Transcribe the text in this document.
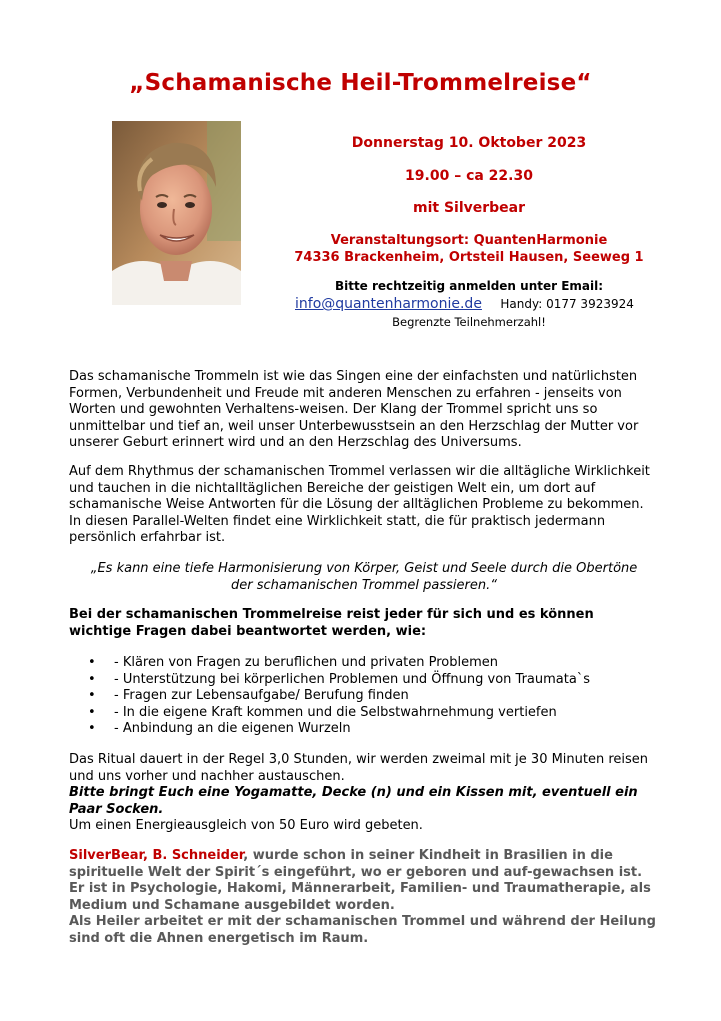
„Schamanische Heil-Trommelreise“
Donnerstag 10. Oktober 2023
19.00 – ca 22.30
mit Silverbear
Veranstaltungsort: QuantenHarmonie
74336 Brackenheim, Ortsteil Hausen, Seeweg 1
Bitte rechtzeitig anmelden unter Email:
info@quantenharmonie.de Handy: 0177 3923924
Begrenzte Teilnehmerzahl!
Das schamanische Trommeln ist wie das Singen eine der einfachsten und natürlichsten Formen, Verbundenheit und Freude mit anderen Menschen zu erfahren - jenseits von Worten und gewohnten Verhaltens-weisen. Der Klang der Trommel spricht uns so unmittelbar und tief an, weil unser Unterbewusstsein an den Herzschlag der Mutter vor unserer Geburt erinnert wird und an den Herzschlag des Universums.
Auf dem Rhythmus der schamanischen Trommel verlassen wir die alltägliche Wirklichkeit und tauchen in die nichtalltäglichen Bereiche der geistigen Welt ein, um dort auf schamanische Weise Antworten für die Lösung der alltäglichen Probleme zu bekommen. In diesen Parallel-Welten findet eine Wirklichkeit statt, die für praktisch jedermann persönlich erfahrbar ist.
„Es kann eine tiefe Harmonisierung von Körper, Geist und Seele durch die Obertöne
der schamanischen Trommel passieren.“
Bei der schamanischen Trommelreise reist jeder für sich und es können wichtige Fragen dabei beantwortet werden, wie:
• - Klären von Fragen zu beruflichen und privaten Problemen
• - Unterstützung bei körperlichen Problemen und Öffnung von Traumata`s
• - Fragen zur Lebensaufgabe/ Berufung finden
• - In die eigene Kraft kommen und die Selbstwahrnehmung vertiefen
• - Anbindung an die eigenen Wurzeln
Das Ritual dauert in der Regel 3,0 Stunden, wir werden zweimal mit je 30 Minuten reisen und uns vorher und nachher austauschen.
Bitte bringt Euch eine Yogamatte, Decke (n) und ein Kissen mit, eventuell ein Paar Socken.
Um einen Energieausgleich von 50 Euro wird gebeten.
SilverBear, B. Schneider, wurde schon in seiner Kindheit in Brasilien in die spirituelle Welt der Spirit´s eingeführt, wo er geboren und auf-gewachsen ist. Er ist in Psychologie, Hakomi, Männerarbeit, Familien- und Traumatherapie, als Medium und Schamane ausgebildet worden.
Als Heiler arbeitet er mit der schamanischen Trommel und während der Heilung sind oft die Ahnen energetisch im Raum.
